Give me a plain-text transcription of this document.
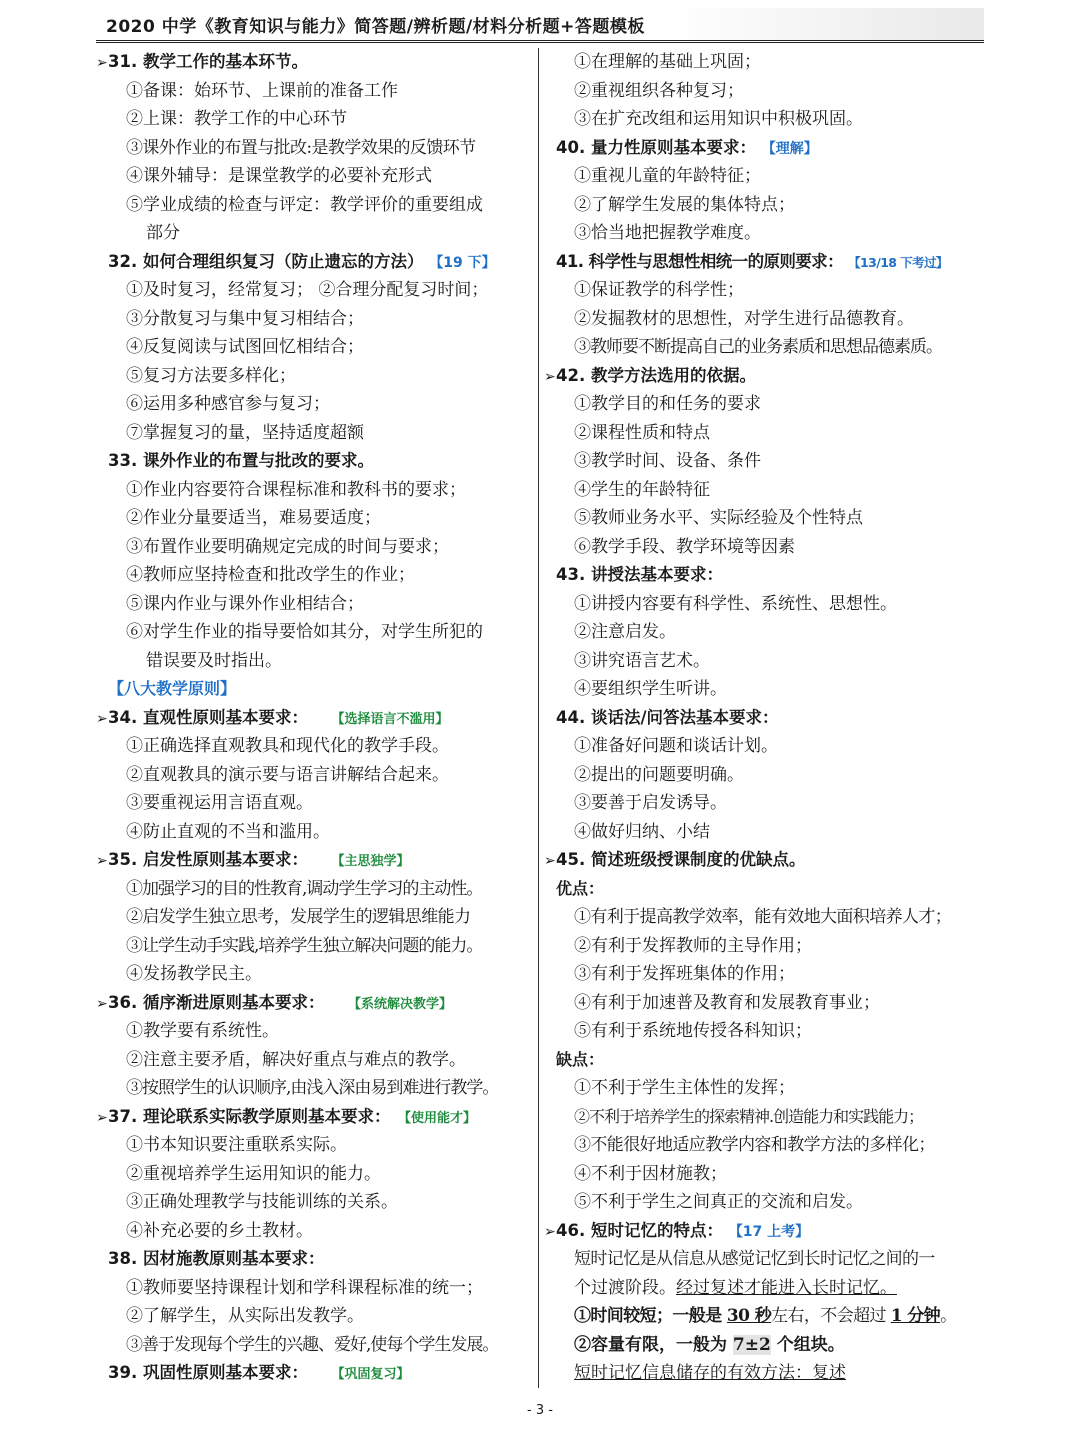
2020 中学《教育知识与能力》简答题/辨析题/材料分析题+答题模板
➢31. 教学工作的基本环节。
①备课：始环节、上课前的准备工作
②上课：教学工作的中心环节
③课外作业的布置与批改:是教学效果的反馈环节
④课外辅导：是课堂教学的必要补充形式
⑤学业成绩的检查与评定：教学评价的重要组成
部分
32. 如何合理组织复习（防止遗忘的方法） 【19 下】
①及时复习，经常复习； ②合理分配复习时间；
③分散复习与集中复习相结合；
④反复阅读与试图回忆相结合；
⑤复习方法要多样化；
⑥运用多种感官参与复习；
⑦掌握复习的量，坚持适度超额
33. 课外作业的布置与批改的要求。
①作业内容要符合课程标准和教科书的要求；
②作业分量要适当，难易要适度；
③布置作业要明确规定完成的时间与要求；
④教师应坚持检查和批改学生的作业；
⑤课内作业与课外作业相结合；
⑥对学生作业的指导要恰如其分，对学生所犯的
错误要及时指出。
【八大教学原则】
➢34. 直观性原则基本要求： 【选择语言不滥用】
①正确选择直观教具和现代化的教学手段。
②直观教具的演示要与语言讲解结合起来。
③要重视运用言语直观。
④防止直观的不当和滥用。
➢35. 启发性原则基本要求： 【主思独学】
①加强学习的目的性教育,调动学生学习的主动性。
②启发学生独立思考，发展学生的逻辑思维能力
③让学生动手实践,培养学生独立解决问题的能力。
④发扬教学民主。
➢36. 循序渐进原则基本要求： 【系统解决教学】
①教学要有系统性。
②注意主要矛盾，解决好重点与难点的教学。
③按照学生的认识顺序,由浅入深由易到难进行教学。
➢37. 理论联系实际教学原则基本要求： 【使用能才】
①书本知识要注重联系实际。
②重视培养学生运用知识的能力。
③正确处理教学与技能训练的关系。
④补充必要的乡土教材。
38. 因材施教原则基本要求：
①教师要坚持课程计划和学科课程标准的统一；
②了解学生，从实际出发教学。
③善于发现每个学生的兴趣、爱好,使每个学生发展。
39. 巩固性原则基本要求： 【巩固复习】
①在理解的基础上巩固；
②重视组织各种复习；
③在扩充改组和运用知识中积极巩固。
40. 量力性原则基本要求： 【理解】
①重视儿童的年龄特征；
②了解学生发展的集体特点；
③恰当地把握教学难度。
41. 科学性与思想性相统一的原则要求： 【13/18 下考过】
①保证教学的科学性；
②发掘教材的思想性，对学生进行品德教育。
③教师要不断提高自己的业务素质和思想品德素质。
➢42. 教学方法选用的依据。
①教学目的和任务的要求
②课程性质和特点
③教学时间、设备、条件
④学生的年龄特征
⑤教师业务水平、实际经验及个性特点
⑥教学手段、教学环境等因素
43. 讲授法基本要求：
①讲授内容要有科学性、系统性、思想性。
②注意启发。
③讲究语言艺术。
④要组织学生听讲。
44. 谈话法/问答法基本要求：
①准备好问题和谈话计划。
②提出的问题要明确。
③要善于启发诱导。
④做好归纳、小结
➢45. 简述班级授课制度的优缺点。
优点：
①有利于提高教学效率，能有效地大面积培养人才；
②有利于发挥教师的主导作用；
③有利于发挥班集体的作用；
④有利于加速普及教育和发展教育事业；
⑤有利于系统地传授各科知识；
缺点：
①不利于学生主体性的发挥；
②不利于培养学生的探索精神.创造能力和实践能力；
③不能很好地适应教学内容和教学方法的多样化；
④不利于因材施教；
⑤不利于学生之间真正的交流和启发。
➢46. 短时记忆的特点： 【17 上考】
短时记忆是从信息从感觉记忆到长时记忆之间的一
个过渡阶段。经过复述才能进入长时记忆。
①时间较短；一般是 30 秒左右，不会超过 1 分钟。
②容量有限，一般为 7±2 个组块。
短时记忆信息储存的有效方法：复述
- 3 -
